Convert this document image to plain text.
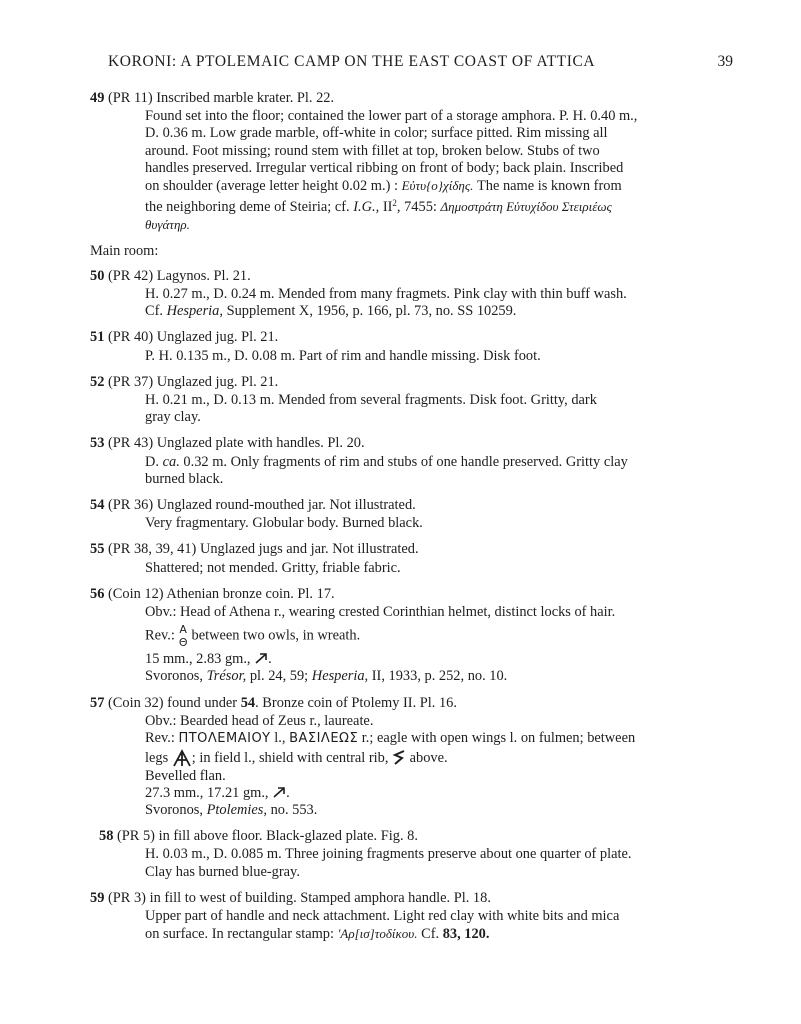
KORONI: A PTOLEMAIC CAMP ON THE EAST COAST OF ATTICA	39
49 (PR 11) Inscribed marble krater. Pl. 22.
Found set into the floor; contained the lower part of a storage amphora. P. H. 0.40 m.,
D. 0.36 m. Low grade marble, off-white in color; surface pitted. Rim missing all
around. Foot missing; round stem with fillet at top, broken below. Stubs of two
handles preserved. Irregular vertical ribbing on front of body; back plain. Inscribed
on shoulder (average letter height 0.02 m.) : Εὐτυ{ο}χίδης. The name is known from
the neighboring deme of Steiria; cf. I.G., $II^2$, 7455: Δημοστράτη Εὐτυχίδου Στειριέως
θυγάτηρ.
Main room:
50 (PR 42) Lagynos. Pl. 21.
H. 0.27 m., D. 0.24 m. Mended from many fragmets. Pink clay with thin buff wash.
Cf. Hesperia, Supplement X, 1956, p. 166, pl. 73, no. SS 10259.
51 (PR 40) Unglazed jug. Pl. 21.
P. H. 0.135 m., D. 0.08 m. Part of rim and handle missing. Disk foot.
52 (PR 37) Unglazed jug. Pl. 21.
H. 0.21 m., D. 0.13 m. Mended from several fragments. Disk foot. Gritty, dark
gray clay.
53 (PR 43) Unglazed plate with handles. Pl. 20.
D. ca. 0.32 m. Only fragments of rim and stubs of one handle preserved. Gritty clay
burned black.
54 (PR 36) Unglazed round-mouthed jar. Not illustrated.
Very fragmentary. Globular body. Burned black.
55 (PR 38, 39, 41) Unglazed jugs and jar. Not illustrated.
Shattered; not mended. Gritty, friable fabric.
56 (Coin 12) Athenian bronze coin. Pl. 17.
Obv.: Head of Athena r., wearing crested Corinthian helmet, distinct locks of hair.
Rev.: A
Θ between two owls, in wreath.
15 mm., 2.83 gm., .
Svoronos, Trésor, pl. 24, 59; Hesperia, II, 1933, p. 252, no. 10.
57 (Coin 32) found under 54. Bronze coin of Ptolemy II. Pl. 16.
Obv.: Bearded head of Zeus r., laureate.
Rev.: ΠΤΟΛΕΜΑΙΟΥ l., ΒΑΣΙΛΕΩΣ r.; eagle with open wings l. on fulmen; between
legs ; in field l., shield with central rib, above.
Bevelled flan.
27.3 mm., 17.21 gm., .
Svoronos, Ptolemies, no. 553.
58 (PR 5) in fill above floor. Black-glazed plate. Fig. 8.
H. 0.03 m., D. 0.085 m. Three joining fragments preserve about one quarter of plate.
Clay has burned blue-gray.
59 (PR 3) in fill to west of building. Stamped amphora handle. Pl. 18.
Upper part of handle and neck attachment. Light red clay with white bits and mica
on surface. In rectangular stamp: 'Αρ[ισ]τοδίκου. Cf. 83, 120.
